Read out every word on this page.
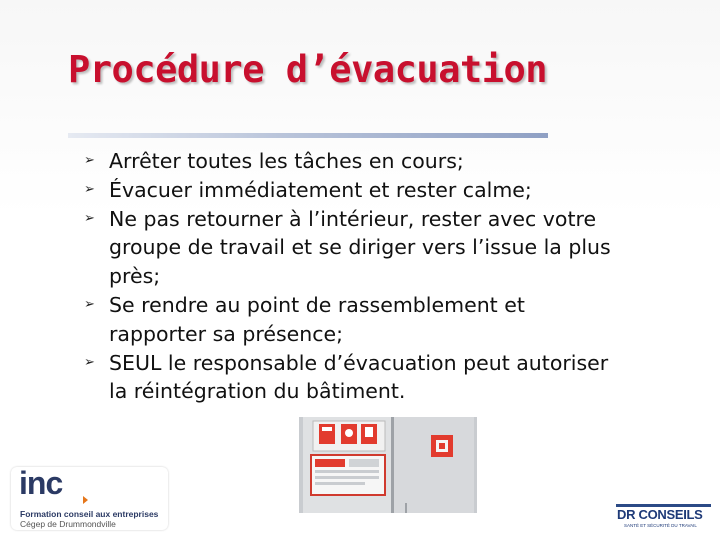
Procédure d’évacuation
➢ Arrêter toutes les tâches en cours;
➢ Évacuer immédiatement et rester calme;
➢ Ne pas retourner à l’intérieur, rester avec votre
groupe de travail et se diriger vers l’issue la plus
près;
➢ Se rendre au point de rassemblement et
rapporter sa présence;
➢ SEUL le responsable d’évacuation peut autoriser
la réintégration du bâtiment.
inc
Formation conseil aux entreprises
Cégep de Drummondville
DR CONSEILS
SANTÉ ET SÉCURITÉ DU TRAVAIL
